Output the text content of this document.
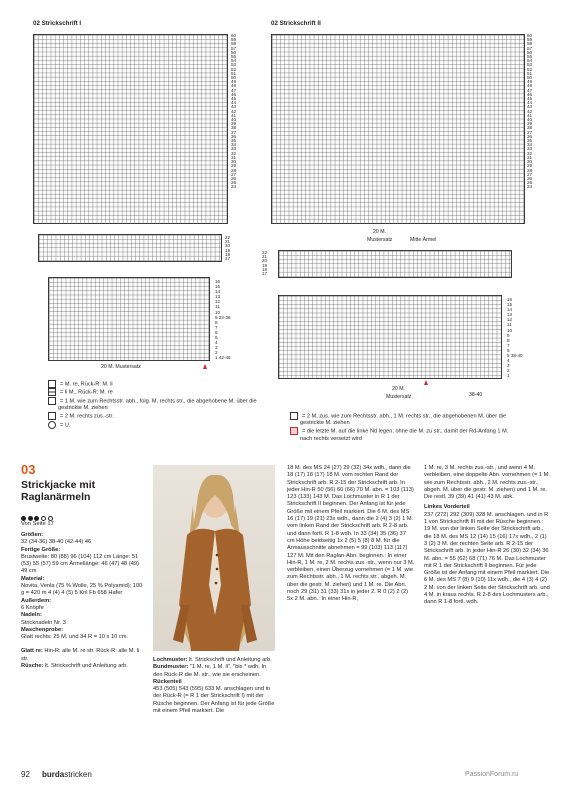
02 Strickschrift I
60
59
58
57
56
55
54
53
52
51
50
49
48
47
46
45
44
43
42
41
40
39
38
37
36
35
34
33
32
31
30
29
28
27
26
25
24
22
21
20
19
18
17
16
15
14
13
12
11
10
9 22-36
8
7
6
5
4
3
2
1 42-46
20 M. Mustersatz
02 Strickschrift II
60
59
58
57
56
55
54
53
52
51
50
49
48
47
46
45
44
43
42
41
40
39
38
37
36
35
34
33
32
31
30
29
28
27
26
25
24
20 M.
Mustersatz	Mitte Ärmel
22
21
20
19
18
17
16
15
14
13
12
11
10
9
8
7
6
5 38-40
4
3
2
1
20 M.
Mustersatz	38-40
= M. re, Rück-R: M. li
= li M., Rück-R: M. re
= 1 M. wie zum Rechtsstr. abh., folg. M. rechts str., die abgehobene M. über die gestrickte M. ziehen
= 2 M. rechts zus.-str.
= U.
= 2 M. zus. wie zum Rechtsstr. abh., 1 M. rechts str., die abgehobenen M. über die gestrickte M. ziehen
= die letzte M. auf die linke Nd legen, ohne die M. zu str., damit der Rd-Anfang 1 M. nach rechts versetzt wird
03
Strickjacke mit Raglanärmeln
Von Seite 17
Größen:
32 (34-36) 38-40 (42-44) 46
Fertige Größe:
Brustweite: 80 (88) 96 (104) 112 cm Länge: 51 (53) 55 (57) 59 cm Ärmellänge: 46 (47) 48 (49) 49 cm
Material:
Novita, Venla (75 % Wolle, 25 % Polyamid); 100 g = 420 m 4 (4) 4 (5) 5 Knl Fb 658 Hafer
Außerdem:
6 Knöpfe
Nadeln:
Stricknadeln Nr. 3
Maschenprobe:
Glatt rechts: 25 M. und 34 R = 10 x 10 cm.
Glatt re: Hin-R: alle M. re str. Rück-R: alle M. li str.
Rüsche: lt. Strickschrift und Anleitung arb.
Lochmuster: lt. Strickschrift und Anleitung arb.
Bundmuster: "1 M. re, 1 M. li", "bis * wdh. In den Rück-R die M. str., wie sie erscheinen.
Rückenteil
453 (505) 543 (595) 633 M. anschlagen und in der Rück-R (= R 1 der Strickschrift I) mit der Rüsche beginnen. Der Anfang ist für jede Größe mit einem Pfeil markiert. Die
18 M. des MS 24 (27) 29 (32) 34x wdh., dann die 18 (17) 18 (17) 18 M. vom rechten Rand der Strickschrift arb. R 2-15 der Strickschrift arb. In jeder Hin-R 50 (56) 60 (66) 70 M. abn. = 103 (113) 123 (133) 143 M. Das Lochmuster in R 1 der Strickschrift II beginnen. Der Anfang ist für jede Größe mit einem Pfeil markiert. Die 6 M. des MS 16 (17) 19 (21) 23x wdh., dann die 2 (4) 3 (2) 1 M. vom linken Rand der Strickschrift arb. R 2-8 arb. und dann fortl. R 1-8 wdh. In 33 (34) 35 (36) 37 cm Höhe beidseitig 1x 2 (5) 5 (8) 8 M. für die Armausschnitte abnehmen = 99 (103) 113 (117) 127 M. Mit den Raglan-Abn. beginnen.: In einer Hin-R, 1 M. re, 2 M. rechts zus.-str., wenn nur 3 M. verbleiben, einen Überzug vornehmen (= 1 M. wie zum Rechtsstr. abh., 1 M. rechts str., abgeh. M. über die gestr. M. ziehen) und 1 M. re. Die Abn. noch 29 (31) 31 (33) 31x in jeder 2. R 0 (2) 2 (2) 5x 2 M. abn.: In einer Hin-R,
1 M. re, 3 M. rechts zus.-str., und wenn 4 M. verbleiben, eine doppelte Abn. vornehmen (= 1 M. wie zum Rechtsstr. abh., 2 M. rechts zus.-str., abgeh. M. über die gestr. M. ziehen) und 1 M. re. Die restl. 39 (39) 41 (41) 43 M. abk.
Linkes Vorderteil
237 (272) 292 (309) 328 M. anschlagen. und in R 1 von Strickschrift III mit der Rüsche beginnen.: 19 M. von der linken Seite der Strickschrift arb., die 18 M. des MS 12 (14) 15 (16) 17x wdh., 2 (1) 3 (2) 3 M. der rechten Seite arb. R 2-15 der Strickschrift arb. In jeder Hin-R 26 (30) 32 (34) 36 M. abn. = 55 (62) 68 (71) 76 M. Das Lochmuster mit R 1 der Strickschrift II beginnen. Für jede Größe ist der Anfang mit einem Pfeil markiert. Die 6 M. des MS 7 (8) 9 (10) 11x wdh., die 4 (3) 4 (2) 2 M. von der linken Seite der Strickschrift arb. und 4 M. in kraus rechts. R 2-8 des Lochmusters arb., dann R 1-8 fortl. wdh.
92 burdastricken	PassionForum.ru
